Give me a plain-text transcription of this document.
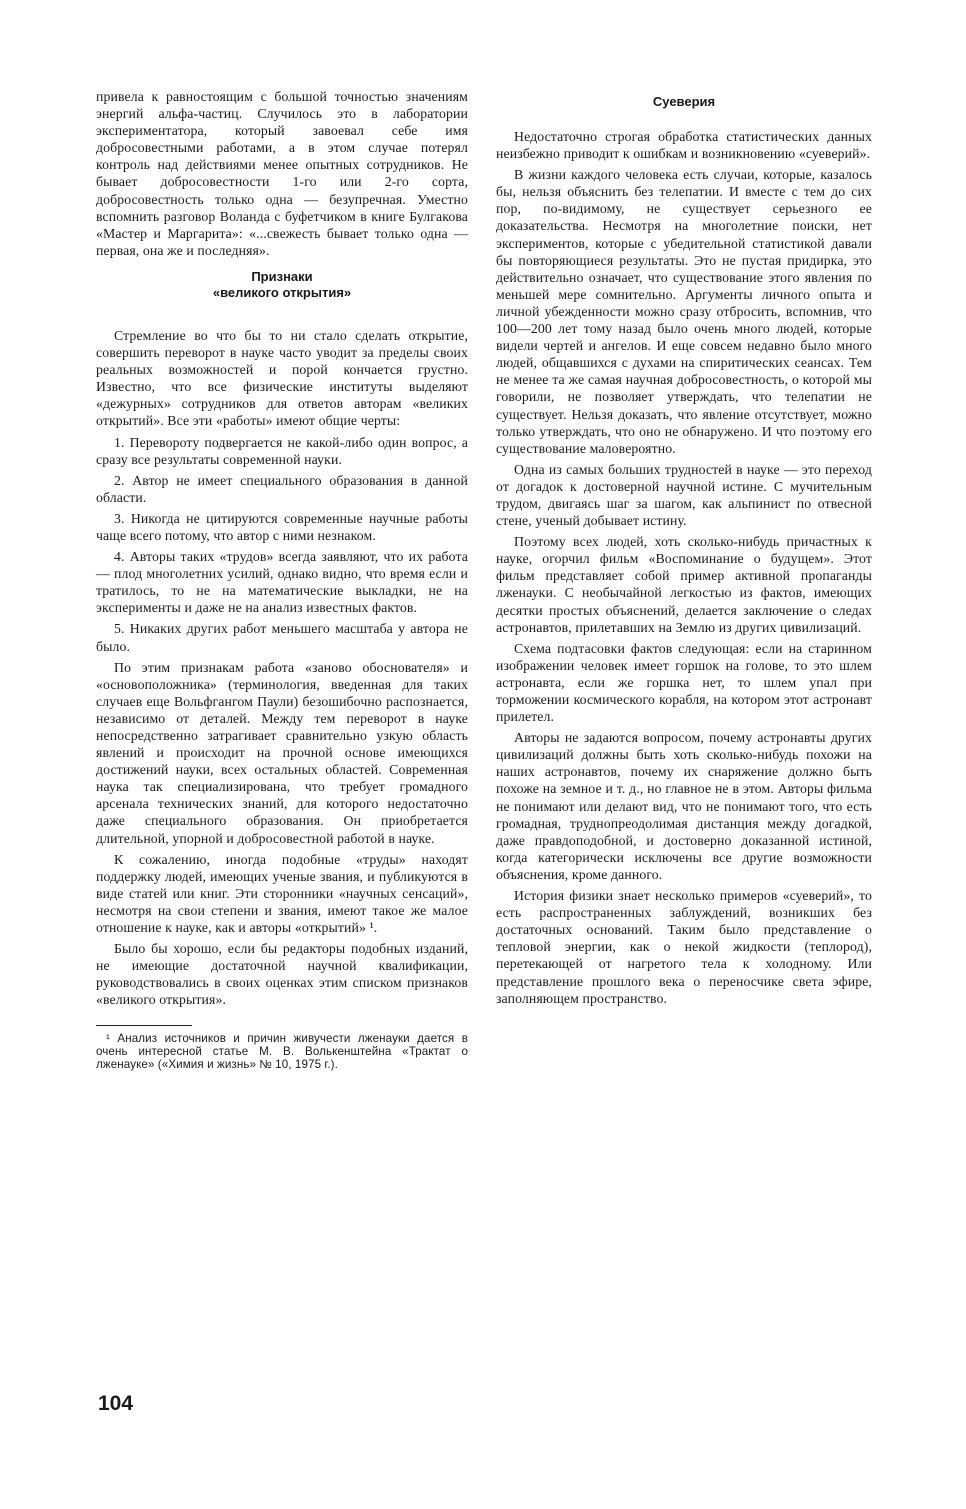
привела к равностоящим с большой точностью значениям энергий альфа-частиц. Случилось это в лаборатории экспериментатора, который завоевал себе имя добросовестными работами, а в этом случае потерял контроль над действиями менее опытных сотрудников. Не бывает добросовестности 1-го или 2-го сорта, добросовестность только одна — безупречная. Уместно вспомнить разговор Воланда с буфетчиком в книге Булгакова «Мастер и Маргарита»: «...свежесть бывает только одна — первая, она же и последняя».

Признаки
«великого открытия»

Стремление во что бы то ни стало сделать открытие, совершить переворот в науке часто уводит за пределы своих реальных возможностей и порой кончается грустно. Известно, что все физические институты выделяют «дежурных» сотрудников для ответов авторам «великих открытий». Все эти «работы» имеют общие черты:

1. Перевороту подвергается не какой-либо один вопрос, а сразу все результаты современной науки.

2. Автор не имеет специального образования в данной области.

3. Никогда не цитируются современные научные работы чаще всего потому, что автор с ними незнаком.

4. Авторы таких «трудов» всегда заявляют, что их работа — плод многолетних усилий, однако видно, что время если и тратилось, то не на математические выкладки, не на эксперименты и даже не на анализ известных фактов.

5. Никаких других работ меньшего масштаба у автора не было.

По этим признакам работа «заново обоснователя» и «основоположника» (терминология, введенная для таких случаев еще Вольфгангом Паули) безошибочно распознается, независимо от деталей. Между тем переворот в науке непосредственно затрагивает сравнительно узкую область явлений и происходит на прочной основе имеющихся достижений науки, всех остальных областей. Современная наука так специализирована, что требует громадного арсенала технических знаний, для которого недостаточно даже специального образования. Он приобретается длительной, упорной и добросовестной работой в науке.

К сожалению, иногда подобные «труды» находят поддержку людей, имеющих ученые звания, и публикуются в виде статей или книг. Эти сторонники «научных сенсаций», несмотря на свои степени и звания, имеют такое же малое отношение к науке, как и авторы «открытий» ¹.

Было бы хорошо, если бы редакторы подобных изданий, не имеющие достаточной научной квалификации, руководствовались в своих оценках этим списком признаков «великого открытия».

¹ Анализ источников и причин живучести лженауки дается в очень интересной статье М. В. Волькенштейна «Трактат о лженауке» («Химия и жизнь» № 10, 1975 г.).

Суеверия

Недостаточно строгая обработка статистических данных неизбежно приводит к ошибкам и возникновению «суеверий».

В жизни каждого человека есть случаи, которые, казалось бы, нельзя объяснить без телепатии. И вместе с тем до сих пор, по-видимому, не существует серьезного ее доказательства. Несмотря на многолетние поиски, нет экспериментов, которые с убедительной статистикой давали бы повторяющиеся результаты. Это не пустая придирка, это действительно означает, что существование этого явления по меньшей мере сомнительно. Аргументы личного опыта и личной убежденности можно сразу отбросить, вспомнив, что 100—200 лет тому назад было очень много людей, которые видели чертей и ангелов. И еще совсем недавно было много людей, общавшихся с духами на спиритических сеансах. Тем не менее та же самая научная добросовестность, о которой мы говорили, не позволяет утверждать, что телепатии не существует. Нельзя доказать, что явление отсутствует, можно только утверждать, что оно не обнаружено. И что поэтому его существование маловероятно.

Одна из самых больших трудностей в науке — это переход от догадок к достоверной научной истине. С мучительным трудом, двигаясь шаг за шагом, как альпинист по отвесной стене, ученый добывает истину.

Поэтому всех людей, хоть сколько-нибудь причастных к науке, огорчил фильм «Воспоминание о будущем». Этот фильм представляет собой пример активной пропаганды лженауки. С необычайной легкостью из фактов, имеющих десятки простых объяснений, делается заключение о следах астронавтов, прилетавших на Землю из других цивилизаций.

Схема подтасовки фактов следующая: если на старинном изображении человек имеет горшок на голове, то это шлем астронавта, если же горшка нет, то шлем упал при торможении космического корабля, на котором этот астронавт прилетел.

Авторы не задаются вопросом, почему астронавты других цивилизаций должны быть хоть сколько-нибудь похожи на наших астронавтов, почему их снаряжение должно быть похоже на земное и т. д., но главное не в этом. Авторы фильма не понимают или делают вид, что не понимают того, что есть громадная, труднопреодолимая дистанция между догадкой, даже правдоподобной, и достоверно доказанной истиной, когда категорически исключены все другие возможности объяснения, кроме данного.

История физики знает несколько примеров «суеверий», то есть распространенных заблуждений, возникших без достаточных оснований. Таким было представление о тепловой энергии, как о некой жидкости (теплород), перетекающей от нагретого тела к холодному. Или представление прошлого века о переносчике света эфире, заполняющем пространство.

104
